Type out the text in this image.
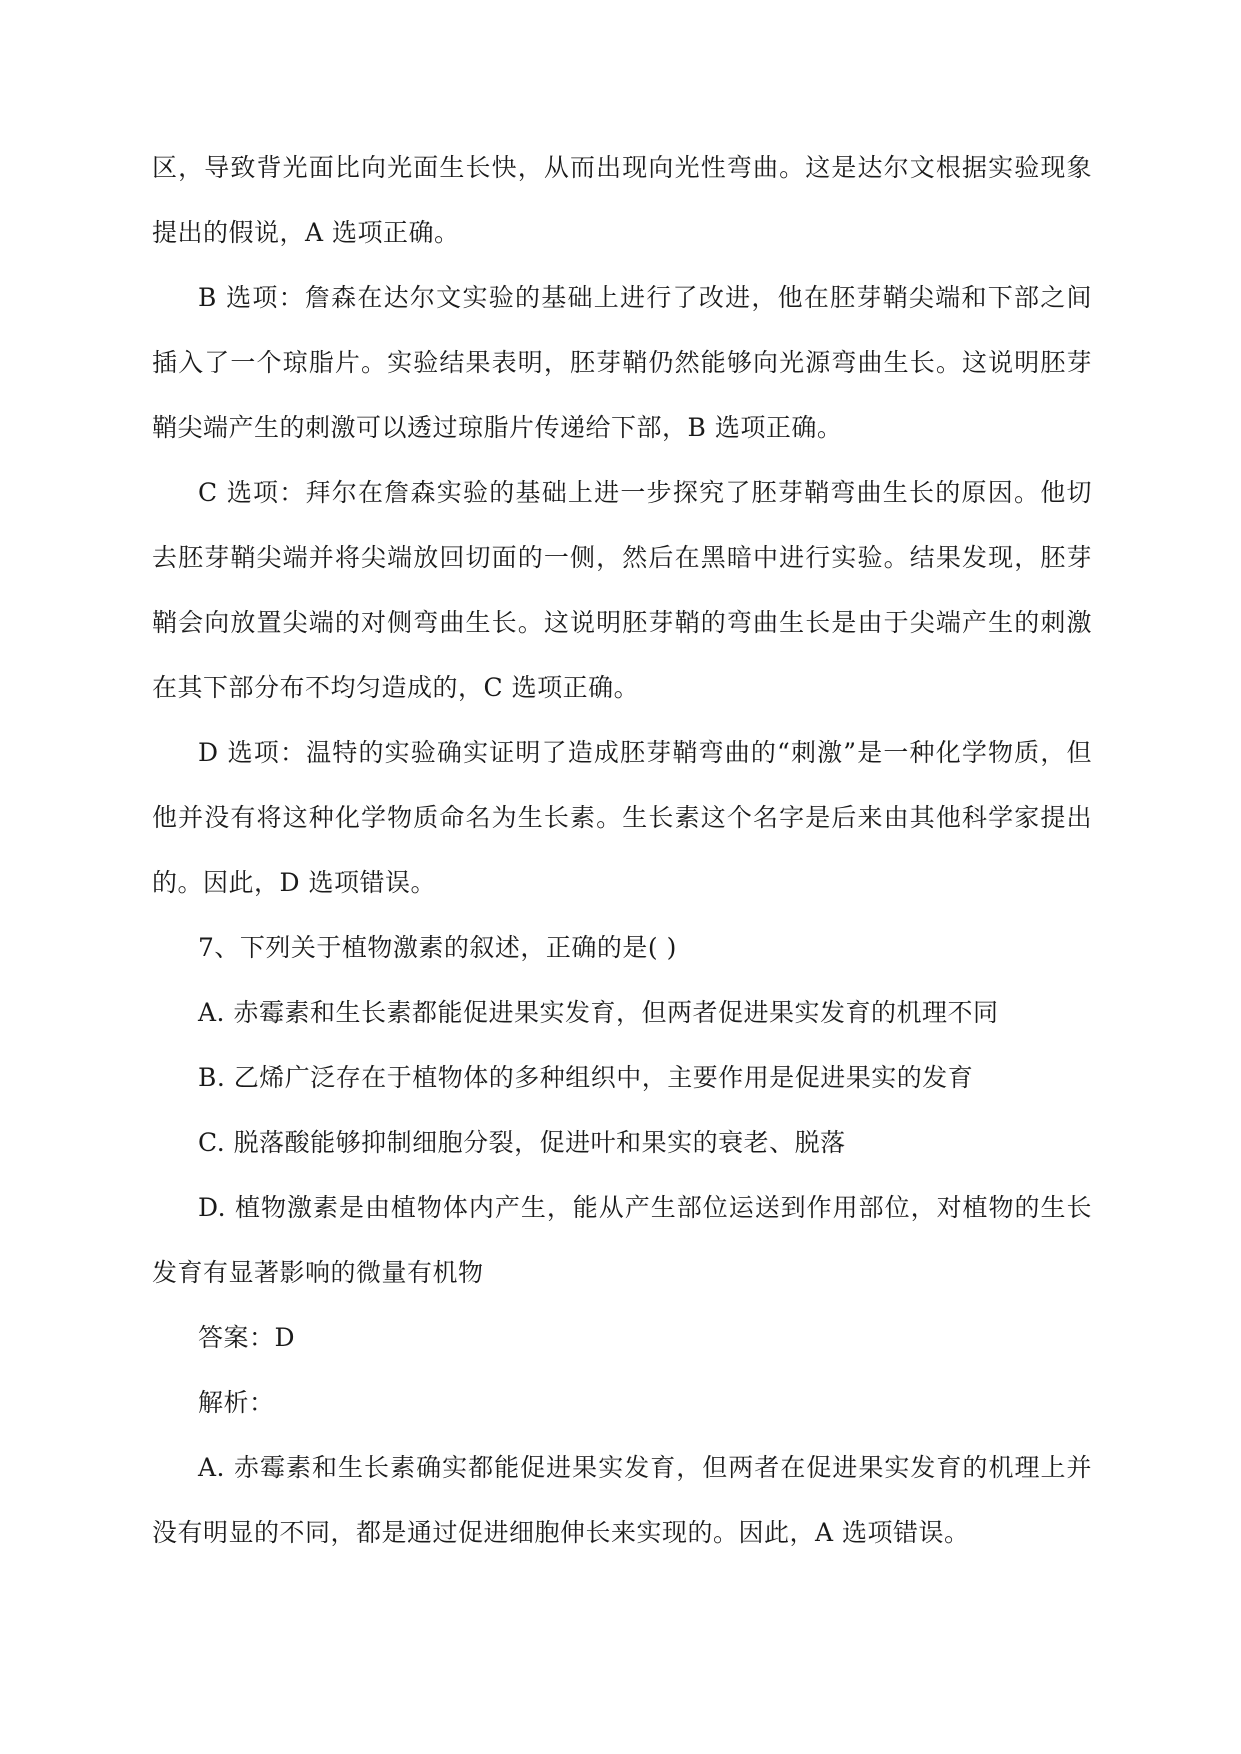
区，导致背光面比向光面生长快，从而出现向光性弯曲。这是达尔文根据实验现象提出的假说，A 选项正确。

B 选项：詹森在达尔文实验的基础上进行了改进，他在胚芽鞘尖端和下部之间插入了一个琼脂片。实验结果表明，胚芽鞘仍然能够向光源弯曲生长。这说明胚芽鞘尖端产生的刺激可以透过琼脂片传递给下部，B 选项正确。

C 选项：拜尔在詹森实验的基础上进一步探究了胚芽鞘弯曲生长的原因。他切去胚芽鞘尖端并将尖端放回切面的一侧，然后在黑暗中进行实验。结果发现，胚芽鞘会向放置尖端的对侧弯曲生长。这说明胚芽鞘的弯曲生长是由于尖端产生的刺激在其下部分布不均匀造成的，C 选项正确。

D 选项：温特的实验确实证明了造成胚芽鞘弯曲的“刺激”是一种化学物质，但他并没有将这种化学物质命名为生长素。生长素这个名字是后来由其他科学家提出的。因此，D 选项错误。

7、下列关于植物激素的叙述，正确的是( )

A. 赤霉素和生长素都能促进果实发育，但两者促进果实发育的机理不同

B. 乙烯广泛存在于植物体的多种组织中，主要作用是促进果实的发育

C. 脱落酸能够抑制细胞分裂，促进叶和果实的衰老、脱落

D. 植物激素是由植物体内产生，能从产生部位运送到作用部位，对植物的生长发育有显著影响的微量有机物

答案：D

解析：

A. 赤霉素和生长素确实都能促进果实发育，但两者在促进果实发育的机理上并没有明显的不同，都是通过促进细胞伸长来实现的。因此，A 选项错误。
